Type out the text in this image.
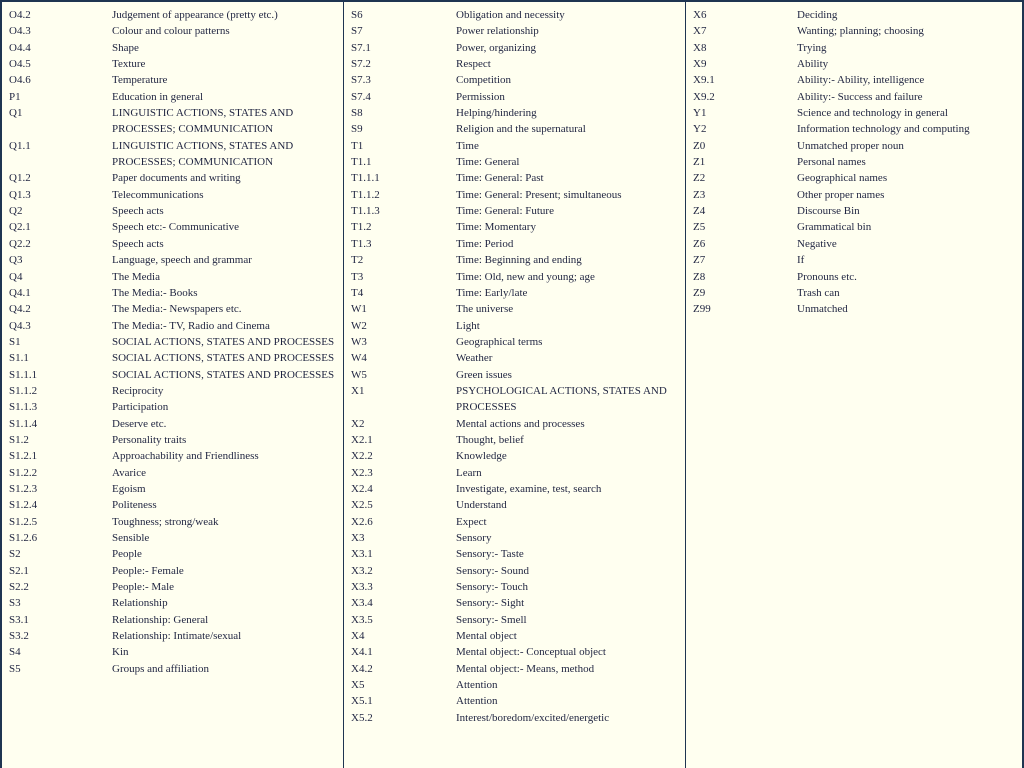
O4.2	Judgement of appearance (pretty etc.)
O4.3	Colour and colour patterns
O4.4	Shape
O4.5	Texture
O4.6	Temperature
P1	Education in general
Q1	LINGUISTIC ACTIONS, STATES AND PROCESSES; COMMUNICATION
Q1.1	LINGUISTIC ACTIONS, STATES AND PROCESSES; COMMUNICATION
Q1.2	Paper documents and writing
Q1.3	Telecommunications
Q2	Speech acts
Q2.1	Speech etc:- Communicative
Q2.2	Speech acts
Q3	Language, speech and grammar
Q4	The Media
Q4.1	The Media:- Books
Q4.2	The Media:- Newspapers etc.
Q4.3	The Media:- TV, Radio and Cinema
S1	SOCIAL ACTIONS, STATES AND PROCESSES
S1.1	SOCIAL ACTIONS, STATES AND PROCESSES
S1.1.1	SOCIAL ACTIONS, STATES AND PROCESSES
S1.1.2	Reciprocity
S1.1.3	Participation
S1.1.4	Deserve etc.
S1.2	Personality traits
S1.2.1	Approachability and Friendliness
S1.2.2	Avarice
S1.2.3	Egoism
S1.2.4	Politeness
S1.2.5	Toughness; strong/weak
S1.2.6	Sensible
S2	People
S2.1	People:- Female
S2.2	People:- Male
S3	Relationship
S3.1	Relationship: General
S3.2	Relationship: Intimate/sexual
S4	Kin
S5	Groups and affiliation
S6	Obligation and necessity
S7	Power relationship
S7.1	Power, organizing
S7.2	Respect
S7.3	Competition
S7.4	Permission
S8	Helping/hindering
S9	Religion and the supernatural
T1	Time
T1.1	Time: General
T1.1.1	Time: General: Past
T1.1.2	Time: General: Present; simultaneous
T1.1.3	Time: General: Future
T1.2	Time: Momentary
T1.3	Time: Period
T2	Time: Beginning and ending
T3	Time: Old, new and young; age
T4	Time: Early/late
W1	The universe
W2	Light
W3	Geographical terms
W4	Weather
W5	Green issues
X1	PSYCHOLOGICAL ACTIONS, STATES AND PROCESSES
X2	Mental actions and processes
X2.1	Thought, belief
X2.2	Knowledge
X2.3	Learn
X2.4	Investigate, examine, test, search
X2.5	Understand
X2.6	Expect
X3	Sensory
X3.1	Sensory:- Taste
X3.2	Sensory:- Sound
X3.3	Sensory:- Touch
X3.4	Sensory:- Sight
X3.5	Sensory:- Smell
X4	Mental object
X4.1	Mental object:- Conceptual object
X4.2	Mental object:- Means, method
X5	Attention
X5.1	Attention
X5.2	Interest/boredom/excited/energetic
X6	Deciding
X7	Wanting; planning; choosing
X8	Trying
X9	Ability
X9.1	Ability:- Ability, intelligence
X9.2	Ability:- Success and failure
Y1	Science and technology in general
Y2	Information technology and computing
Z0	Unmatched proper noun
Z1	Personal names
Z2	Geographical names
Z3	Other proper names
Z4	Discourse Bin
Z5	Grammatical bin
Z6	Negative
Z7	If
Z8	Pronouns etc.
Z9	Trash can
Z99	Unmatched
